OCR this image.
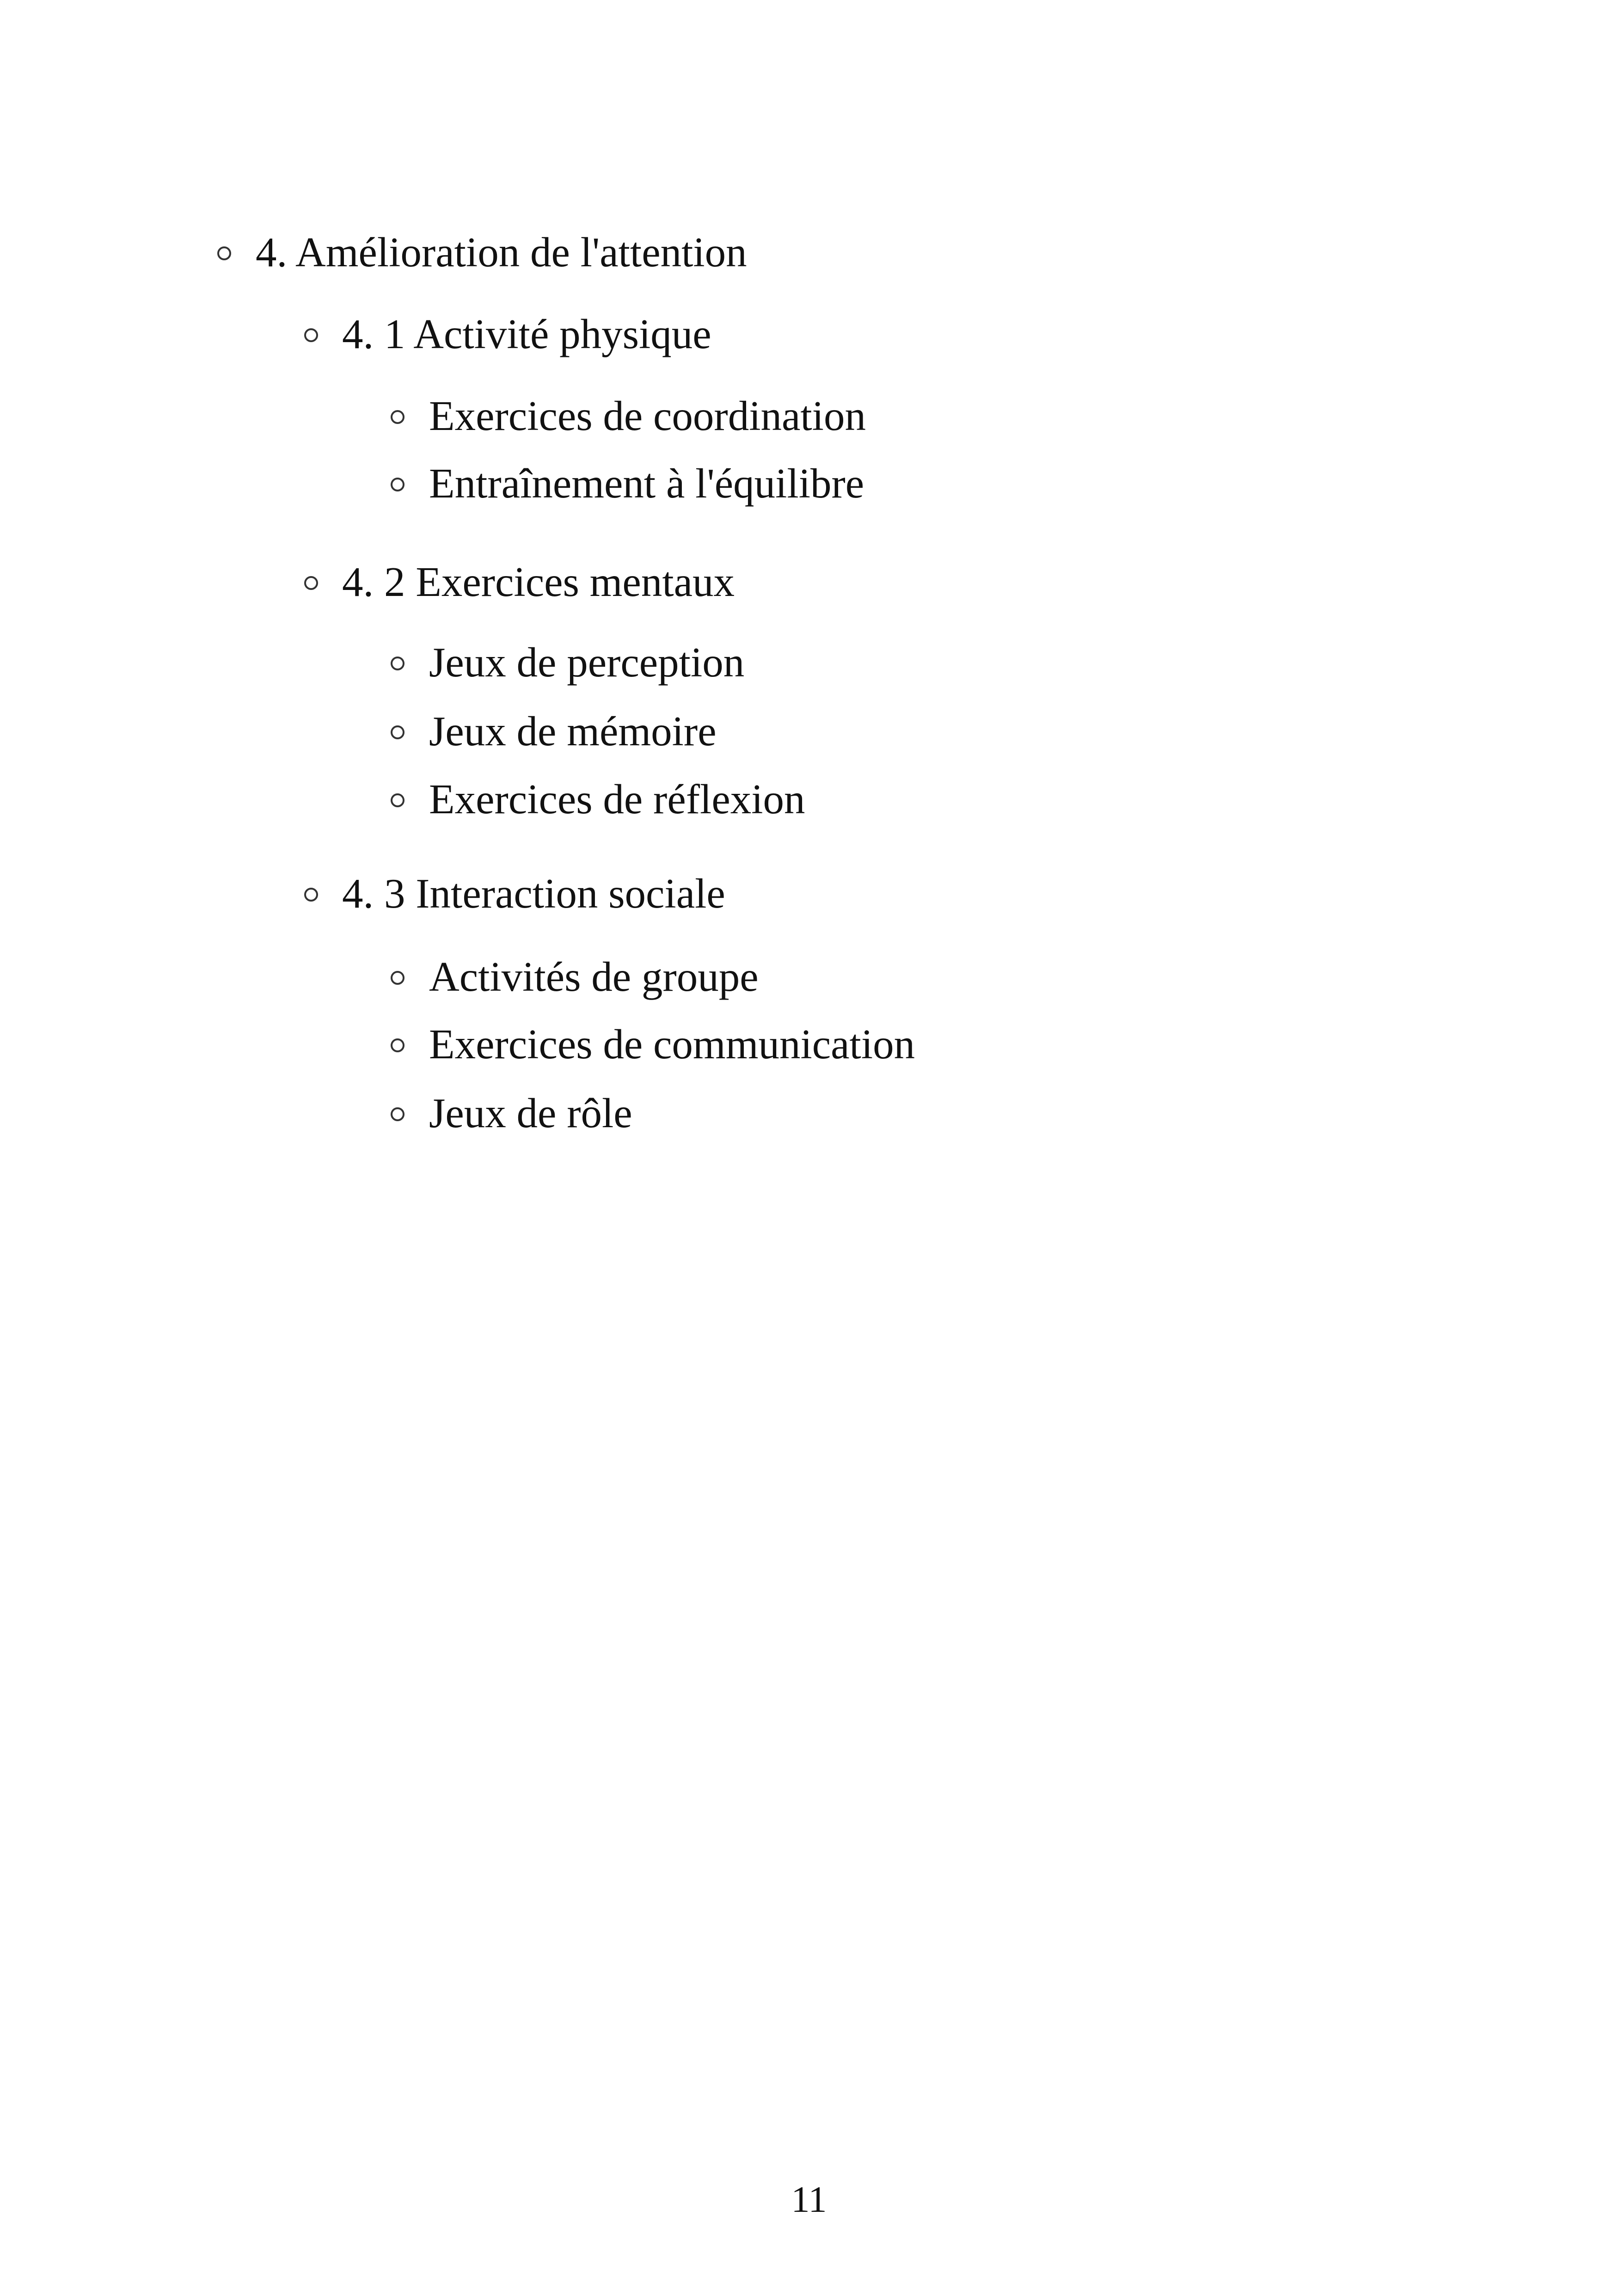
4. Amélioration de l'attention
4. 1 Activité physique
Exercices de coordination
Entraînement à l'équilibre
4. 2 Exercices mentaux
Jeux de perception
Jeux de mémoire
Exercices de réflexion
4. 3 Interaction sociale
Activités de groupe
Exercices de communication
Jeux de rôle
11
